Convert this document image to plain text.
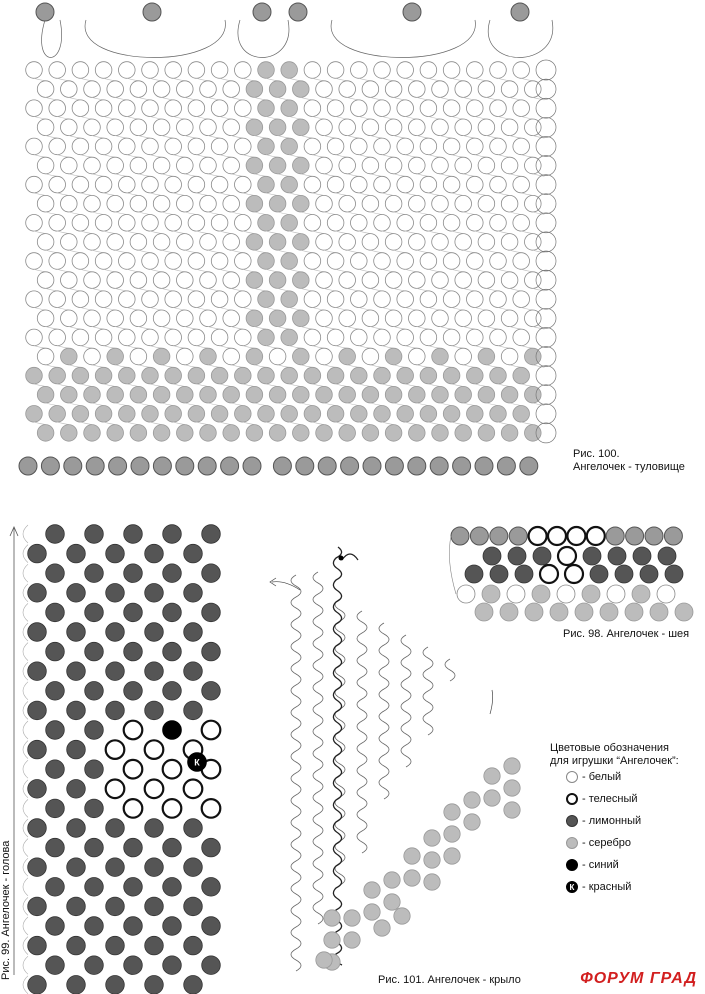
К
Рис. 100.
Ангелочек - туловище
Рис. 98. Ангелочек - шея
Рис. 99. Ангелочек - голова	Рис. 101. Ангелочек - крыло
Цветовые обозначения
для игрушки “Ангелочек”:
- белый
- телесный
- лимонный
- серебро
- синий
К - красный
ФОРУМ ГРАД
